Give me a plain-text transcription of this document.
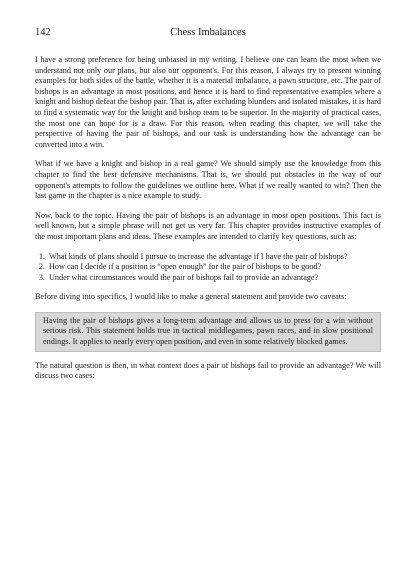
142	Chess Imbalances

I have a strong preference for being unbiased in my writing. I believe one can learn the most when we understand not only our plans, but also our opponent's. For this reason, I always try to present winning examples for both sides of the battle, whether it is a material imbalance, a pawn structure, etc. The pair of bishops is an advantage in most positions, and hence it is hard to find representative examples where a knight and bishop defeat the bishop pair. That is, after excluding blunders and isolated mistakes, it is hard to find a systematic way for the knight and bishop team to be superior. In the majority of practical cases, the most one can hope for is a draw. For this reason, when reading this chapter, we will take the perspective of having the pair of bishops, and our task is understanding how the advantage can be converted into a win.

What if we have a knight and bishop in a real game? We should simply use the knowledge from this chapter to find the best defensive mechanisms. That is, we should put obstacles in the way of our opponent's attempts to follow the guidelines we outline here. What if we really wanted to win? Then the last game in the chapter is a nice example to study.

Now, back to the topic. Having the pair of bishops is an advantage in most open positions. This fact is well known, but a simple phrase will not get us very far. This chapter provides instructive examples of the most important plans and ideas. These examples are intended to clarify key questions, such as:

1. What kinds of plans should I pursue to increase the advantage if I have the pair of bishops?
2. How can I decide if a position is “open enough” for the pair of bishops to be good?
3. Under what circumstances would the pair of bishops fail to provide an advantage?

Before diving into specifics, I would like to make a general statement and provide two caveats:

Having the pair of bishops gives a long-term advantage and allows us to press for a win without serious risk. This statement holds true in tactical middlegames, pawn races, and in slow positional endings. It applies to nearly every open position, and even in some relatively blocked games.

The natural question is then, in what context does a pair of bishops fail to provide an advantage? We will discuss two cases:
